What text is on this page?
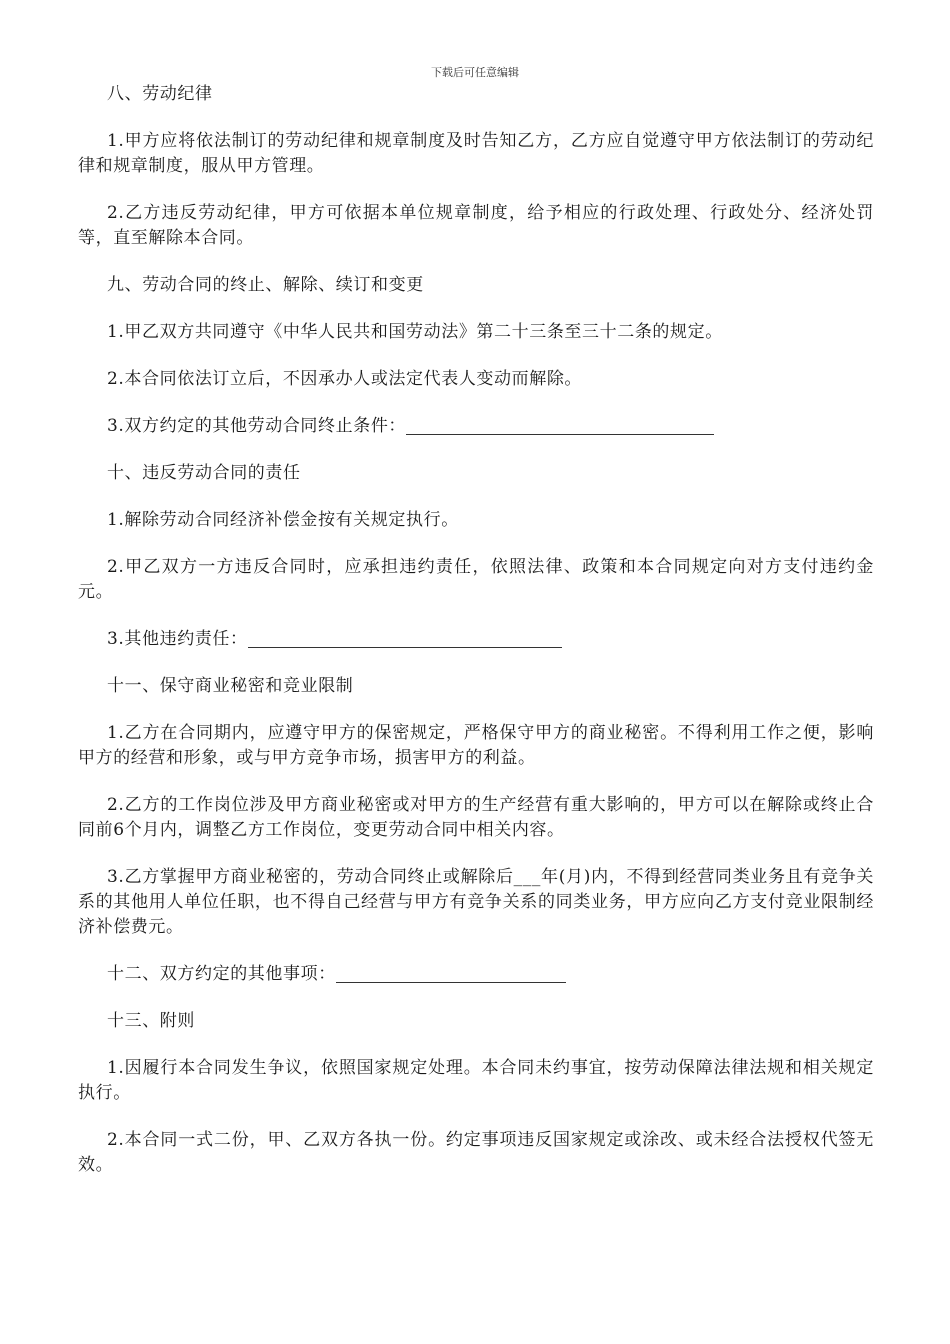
下载后可任意编辑
八、劳动纪律
1.甲方应将依法制订的劳动纪律和规章制度及时告知乙方，乙方应自觉遵守甲方依法制订的劳动纪律和规章制度，服从甲方管理。
2.乙方违反劳动纪律，甲方可依据本单位规章制度，给予相应的行政处理、行政处分、经济处罚等，直至解除本合同。
九、劳动合同的终止、解除、续订和变更
1.甲乙双方共同遵守《中华人民共和国劳动法》第二十三条至三十二条的规定。
2.本合同依法订立后，不因承办人或法定代表人变动而解除。
3.双方约定的其他劳动合同终止条件：
十、违反劳动合同的责任
1.解除劳动合同经济补偿金按有关规定执行。
2.甲乙双方一方违反合同时，应承担违约责任，依照法律、政策和本合同规定向对方支付违约金元。
3.其他违约责任：
十一、保守商业秘密和竞业限制
1.乙方在合同期内，应遵守甲方的保密规定，严格保守甲方的商业秘密。不得利用工作之便，影响甲方的经营和形象，或与甲方竞争市场，损害甲方的利益。
2.乙方的工作岗位涉及甲方商业秘密或对甲方的生产经营有重大影响的，甲方可以在解除或终止合同前6个月内，调整乙方工作岗位，变更劳动合同中相关内容。
3.乙方掌握甲方商业秘密的，劳动合同终止或解除后___年(月)内，不得到经营同类业务且有竞争关系的其他用人单位任职，也不得自己经营与甲方有竞争关系的同类业务，甲方应向乙方支付竞业限制经济补偿费元。
十二、双方约定的其他事项：
十三、附则
1.因履行本合同发生争议，依照国家规定处理。本合同未约事宜，按劳动保障法律法规和相关规定执行。
2.本合同一式二份，甲、乙双方各执一份。约定事项违反国家规定或涂改、或未经合法授权代签无效。
